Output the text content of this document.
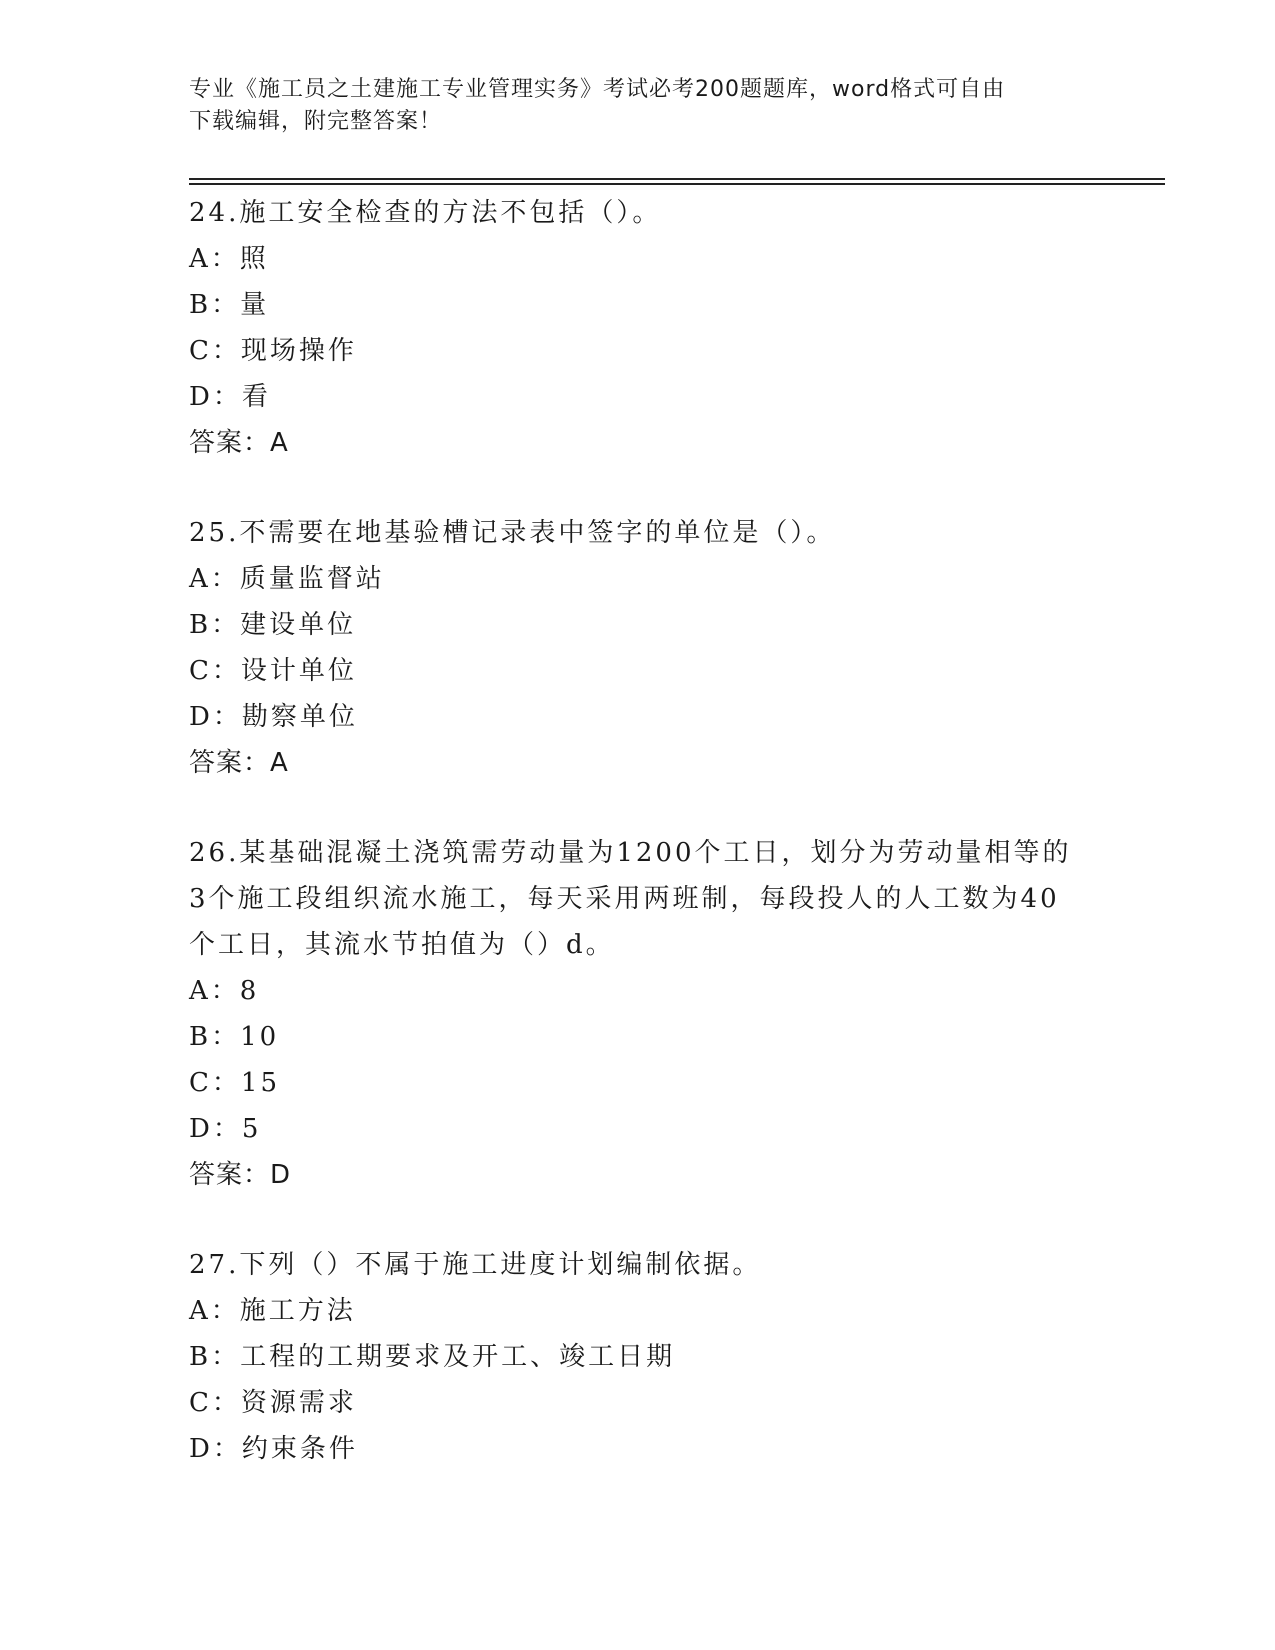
专业《施工员之土建施工专业管理实务》考试必考200题题库，word格式可自由
下载编辑，附完整答案！
24.施工安全检查的方法不包括（）。
A：照
B：量
C：现场操作
D：看
答案：A
25.不需要在地基验槽记录表中签字的单位是（）。
A：质量监督站
B：建设单位
C：设计单位
D：勘察单位
答案：A
26.某基础混凝土浇筑需劳动量为1200个工日，划分为劳动量相等的
3个施工段组织流水施工，每天采用两班制，每段投人的人工数为40
个工日，其流水节拍值为（）d。
A：8
B：10
C：15
D：5
答案：D
27.下列（）不属于施工进度计划编制依据。
A：施工方法
B：工程的工期要求及开工、竣工日期
C：资源需求
D：约束条件
